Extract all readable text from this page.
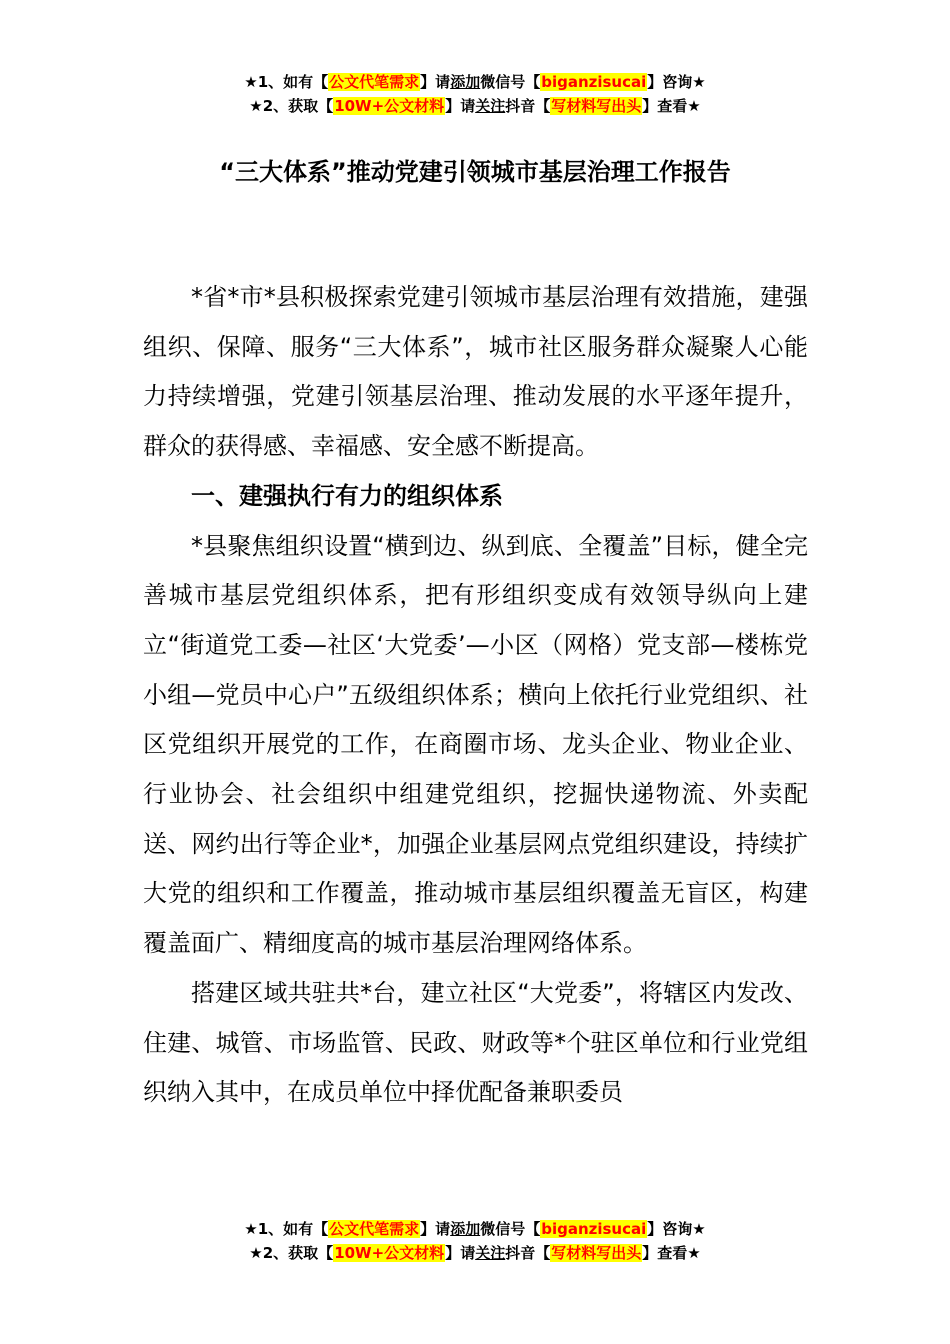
★1、如有【公文代笔需求】请添加微信号【biganzisucai】咨询★
★2、获取【10W+公文材料】请关注抖音【写材料写出头】查看★
“三大体系”推动党建引领城市基层治理工作报告

*省*市*县积极探索党建引领城市基层治理有效措施，建强组织、保障、服务“三大体系”，城市社区服务群众凝聚人心能力持续增强，党建引领基层治理、推动发展的水平逐年提升，群众的获得感、幸福感、安全感不断提高。

一、建强执行有力的组织体系

*县聚焦组织设置“横到边、纵到底、全覆盖”目标，健全完善城市基层党组织体系，把有形组织变成有效领导纵向上建立“街道党工委—社区‘大党委’—小区（网格）党支部—楼栋党小组—党员中心户”五级组织体系；横向上依托行业党组织、社区党组织开展党的工作，在商圈市场、龙头企业、物业企业、行业协会、社会组织中组建党组织，挖掘快递物流、外卖配送、网约出行等企业*，加强企业基层网点党组织建设，持续扩大党的组织和工作覆盖，推动城市基层组织覆盖无盲区，构建覆盖面广、精细度高的城市基层治理网络体系。

搭建区域共驻共*台，建立社区“大党委”，将辖区内发改、住建、城管、市场监管、民政、财政等*个驻区单位和行业党组织纳入其中，在成员单位中择优配备兼职委员

★1、如有【公文代笔需求】请添加微信号【biganzisucai】咨询★
★2、获取【10W+公文材料】请关注抖音【写材料写出头】查看★
